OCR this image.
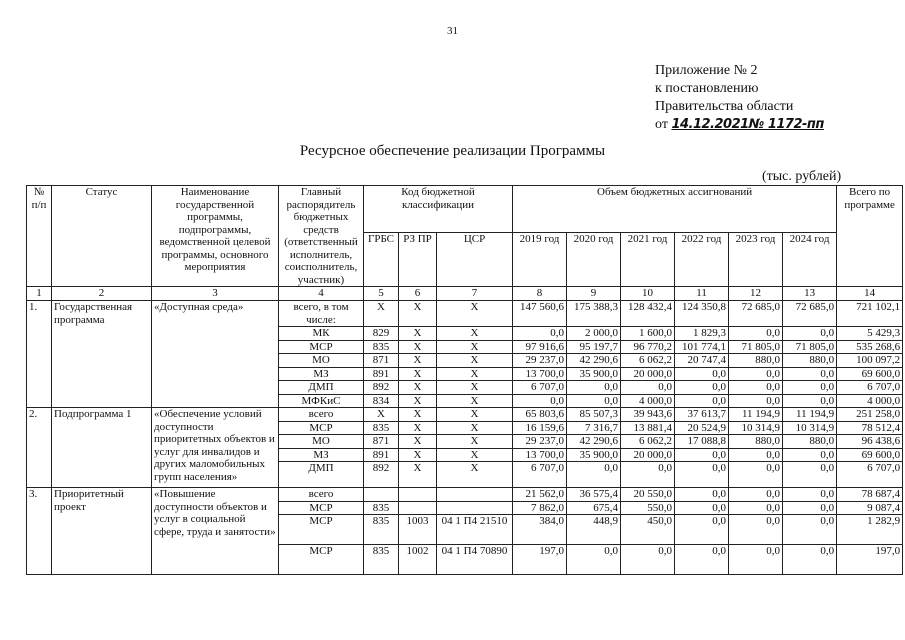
31
Приложение № 2
к постановлению
Правительства области
от 14.12.2021№ 1172-пп
Ресурсное обеспечение реализации Программы
(тыс. рублей)
№ п/п	Статус	Наименование государственной программы, подпрограммы, ведомственной целевой программы, основного мероприятия	Главный распорядитель бюджетных средств (ответственный исполнитель, соисполнитель, участник)	Код бюджетной классификации			Объем бюджетных ассигнований						Всего по программе
				ГРБС	РЗ ПР	ЦСР	2019 год	2020 год	2021 год	2022 год	2023 год	2024 год	
1	2	3	4	5	6	7	8	9	10	11	12	13	14
1.	Государственная программа	«Доступная среда»	всего, в том числе:	Х	Х	Х	147 560,6	175 388,3	128 432,4	124 350,8	72 685,0	72 685,0	721 102,1
			МК	829	Х	Х	0,0	2 000,0	1 600,0	1 829,3	0,0	0,0	5 429,3
			МСР	835	Х	Х	97 916,6	95 197,7	96 770,2	101 774,1	71 805,0	71 805,0	535 268,6
			МО	871	Х	Х	29 237,0	42 290,6	6 062,2	20 747,4	880,0	880,0	100 097,2
			МЗ	891	Х	Х	13 700,0	35 900,0	20 000,0	0,0	0,0	0,0	69 600,0
			ДМП	892	Х	Х	6 707,0	0,0	0,0	0,0	0,0	0,0	6 707,0
			МФКиС	834	Х	Х	0,0	0,0	4 000,0	0,0	0,0	0,0	4 000,0
2.	Подпрограмма 1	«Обеспечение условий доступности приоритетных объектов и услуг для инвалидов и других маломобильных групп населения»	всего	Х	Х	Х	65 803,6	85 507,3	39 943,6	37 613,7	11 194,9	11 194,9	251 258,0
			МСР	835	Х	Х	16 159,6	7 316,7	13 881,4	20 524,9	10 314,9	10 314,9	78 512,4
			МО	871	Х	Х	29 237,0	42 290,6	6 062,2	17 088,8	880,0	880,0	96 438,6
			МЗ	891	Х	Х	13 700,0	35 900,0	20 000,0	0,0	0,0	0,0	69 600,0
			ДМП	892	Х	Х	6 707,0	0,0	0,0	0,0	0,0	0,0	6 707,0
3.	Приоритетный проект	«Повышение доступности объектов и услуг в социальной сфере, труда и занятости»	всего				21 562,0	36 575,4	20 550,0	0,0	0,0	0,0	78 687,4
			МСР	835			7 862,0	675,4	550,0	0,0	0,0	0,0	9 087,4
			МСР	835	1003	04 1 П4 21510	384,0	448,9	450,0	0,0	0,0	0,0	1 282,9
			МСР	835	1002	04 1 П4 70890	197,0	0,0	0,0	0,0	0,0	0,0	197,0
